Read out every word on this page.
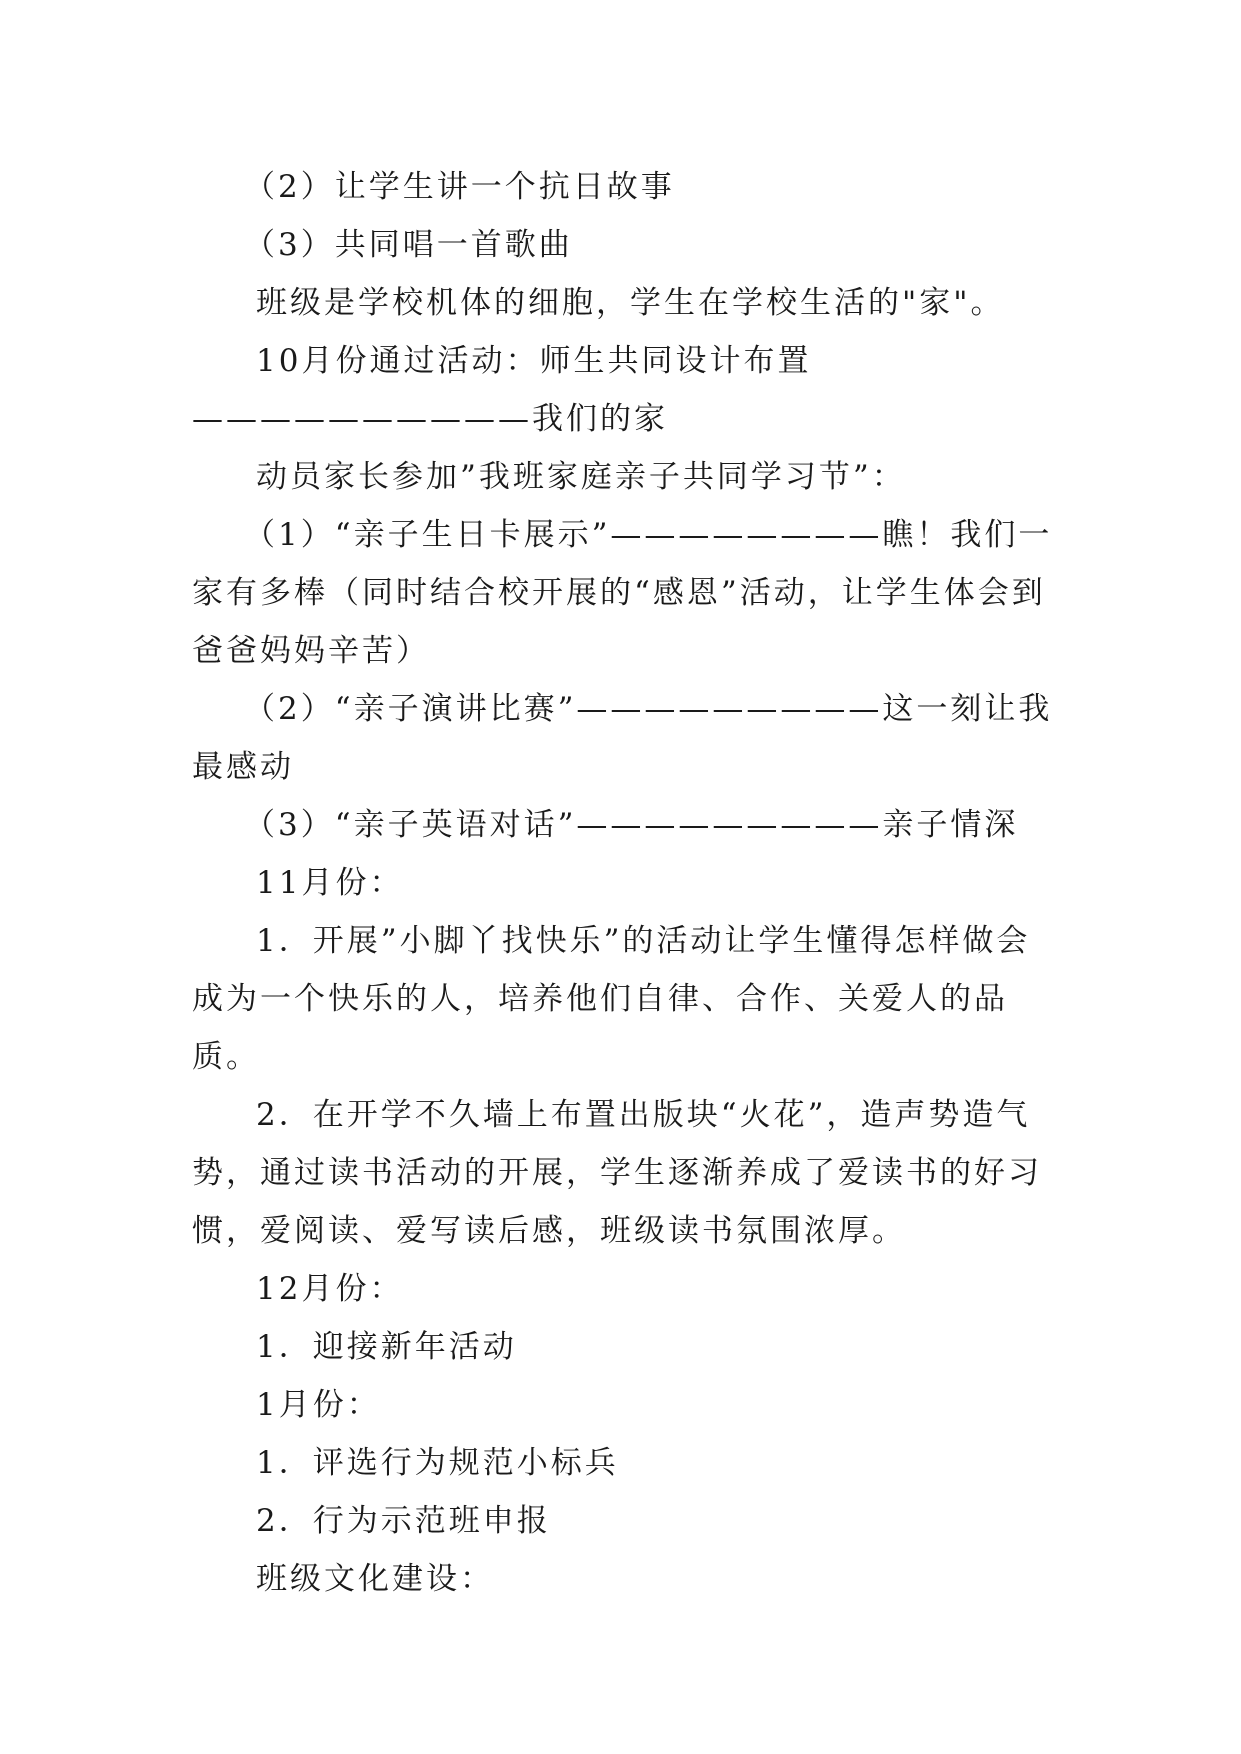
（2）让学生讲一个抗日故事

（3）共同唱一首歌曲

班级是学校机体的细胞，学生在学校生活的"家"。

10月份通过活动：师生共同设计布置——————————我们的家

动员家长参加”我班家庭亲子共同学习节”：

（1）“亲子生日卡展示”————————瞧！我们一家有多棒（同时结合校开展的“感恩”活动，让学生体会到爸爸妈妈辛苦）

（2）“亲子演讲比赛”—————————这一刻让我最感动

（3）“亲子英语对话”—————————亲子情深

11月份：

1．开展”小脚丫找快乐”的活动让学生懂得怎样做会成为一个快乐的人，培养他们自律、合作、关爱人的品质。

2．在开学不久墙上布置出版块“火花”，造声势造气势，通过读书活动的开展，学生逐渐养成了爱读书的好习惯，爱阅读、爱写读后感，班级读书氛围浓厚。

12月份：

1．迎接新年活动

1月份：

1．评选行为规范小标兵

2．行为示范班申报

班级文化建设：
